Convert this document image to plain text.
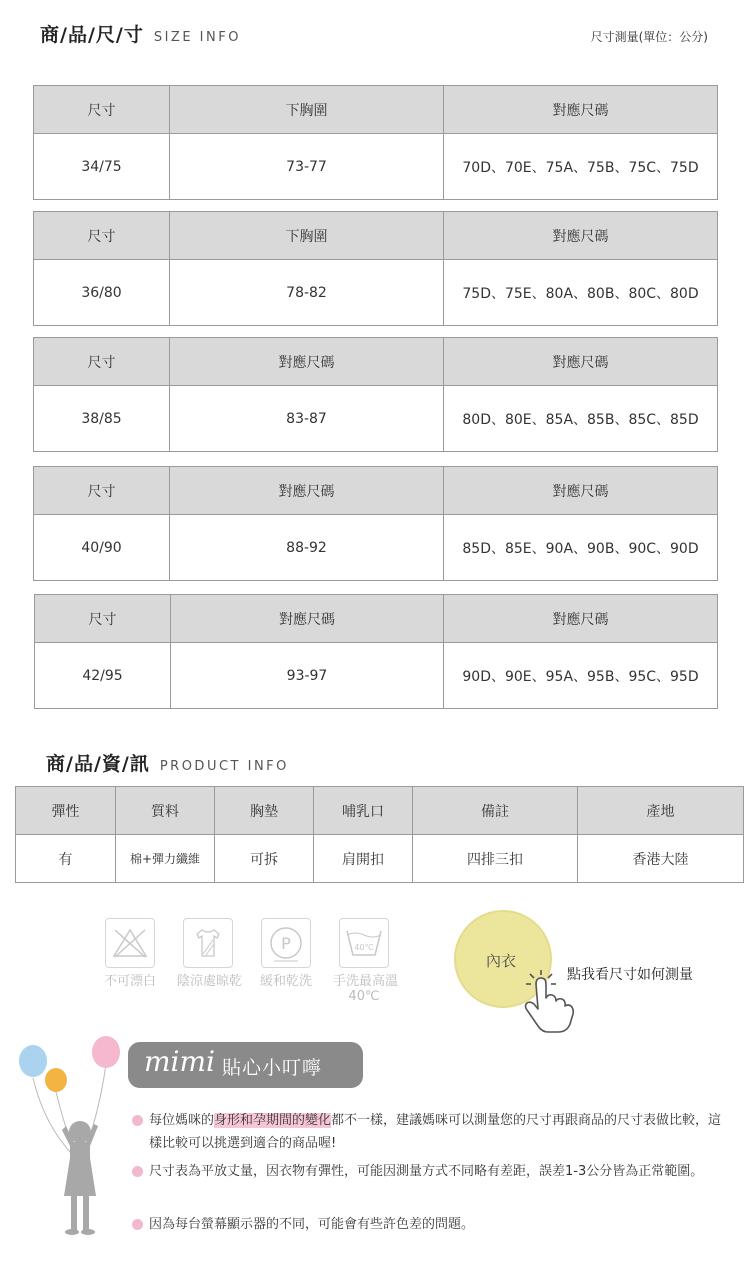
商/品/尺/寸 SIZE INFO	尺寸測量(單位：公分)
尺寸	下胸圍	對應尺碼
34/75	73-77	70D、70E、75A、75B、75C、75D
尺寸	下胸圍	對應尺碼
36/80	78-82	75D、75E、80A、80B、80C、80D
尺寸	對應尺碼	對應尺碼
38/85	83-87	80D、80E、85A、85B、85C、85D
尺寸	對應尺碼	對應尺碼
40/90	88-92	85D、85E、90A、90B、90C、90D
尺寸	對應尺碼	對應尺碼
42/95	93-97	90D、90E、95A、95B、95C、95D
商/品/資/訊 PRODUCT INFO
彈性	質料	胸墊	哺乳口	備註	產地
有	棉+彈力纖維	可拆	肩開扣	四排三扣	香港大陸
不可漂白	陰涼處晾乾
P
緩和乾洗
40℃
手洗最高溫
40℃
內衣
點我看尺寸如何測量
mimi 貼心小叮嚀

每位媽咪的身形和孕期間的變化都不一樣，建議媽咪可以測量您的尺寸再跟商品的尺寸表做比較，這樣比較可以挑選到適合的商品喔!

尺寸表為平放丈量，因衣物有彈性，可能因測量方式不同略有差距，誤差1-3公分皆為正常範圍。

因為每台螢幕顯示器的不同，可能會有些許色差的問題。
